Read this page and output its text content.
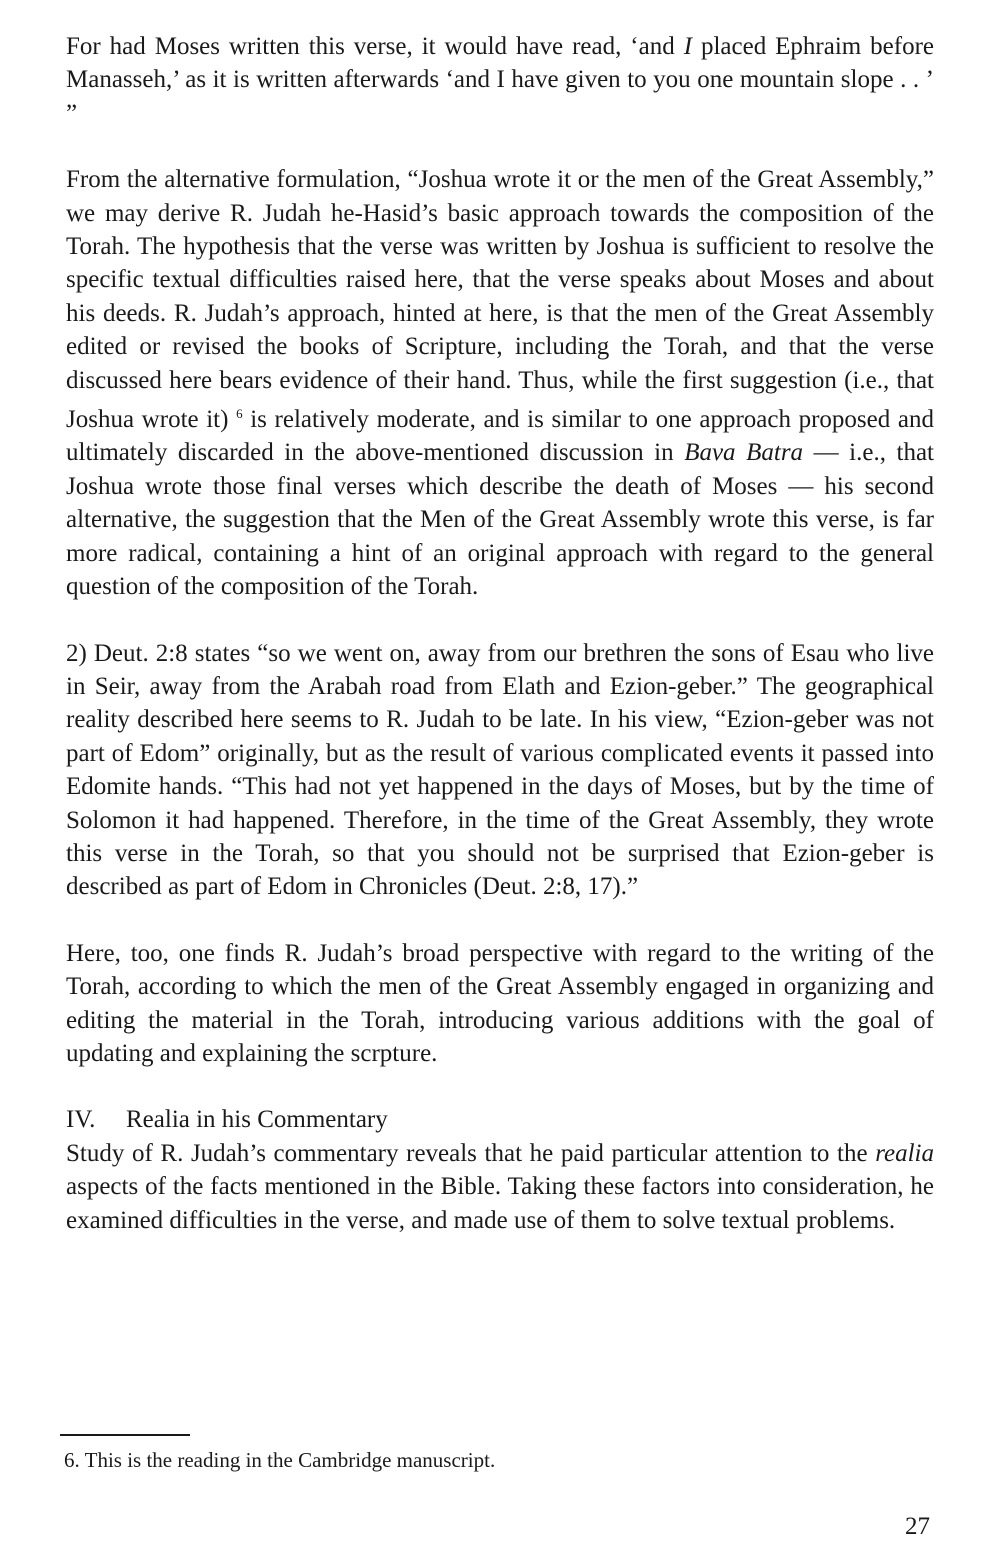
For had Moses written this verse, it would have read, ‘and I placed Ephraim before Manasseh,’ as it is written afterwards ‘and I have given to you one mountain slope . . ’ ”

From the alternative formulation, “Joshua wrote it or the men of the Great Assembly,” we may derive R. Judah he-Hasid’s basic approach towards the composition of the Torah. The hypothesis that the verse was written by Joshua is sufficient to resolve the specific textual difficulties raised here, that the verse speaks about Moses and about his deeds. R. Judah’s approach, hinted at here, is that the men of the Great Assembly edited or revised the books of Scripture, including the Torah, and that the verse discussed here bears evidence of their hand. Thus, while the first suggestion (i.e., that Joshua wrote it) $^6$ is relatively moderate, and is similar to one approach proposed and ultimately discarded in the above-mentioned discussion in Bava Batra — i.e., that Joshua wrote those final verses which describe the death of Moses — his second alternative, the suggestion that the Men of the Great Assembly wrote this verse, is far more radical, containing a hint of an original approach with regard to the general question of the composition of the Torah.

2) Deut. 2:8 states “so we went on, away from our brethren the sons of Esau who live in Seir, away from the Arabah road from Elath and Ezion-geber.” The geographical reality described here seems to R. Judah to be late. In his view, “Ezion-geber was not part of Edom” originally, but as the result of various complicated events it passed into Edomite hands. “This had not yet happened in the days of Moses, but by the time of Solomon it had happened. Therefore, in the time of the Great Assembly, they wrote this verse in the Torah, so that you should not be surprised that Ezion-geber is described as part of Edom in Chronicles (Deut. 2:8, 17).”

Here, too, one finds R. Judah’s broad perspective with regard to the writing of the Torah, according to which the men of the Great Assembly engaged in organizing and editing the material in the Torah, introducing various additions with the goal of updating and explaining the scrpture.

IV. Realia in his Commentary

Study of R. Judah’s commentary reveals that he paid particular attention to the realia aspects of the facts mentioned in the Bible. Taking these factors into consideration, he examined difficulties in the verse, and made use of them to solve textual problems.

6. This is the reading in the Cambridge manuscript.

27
